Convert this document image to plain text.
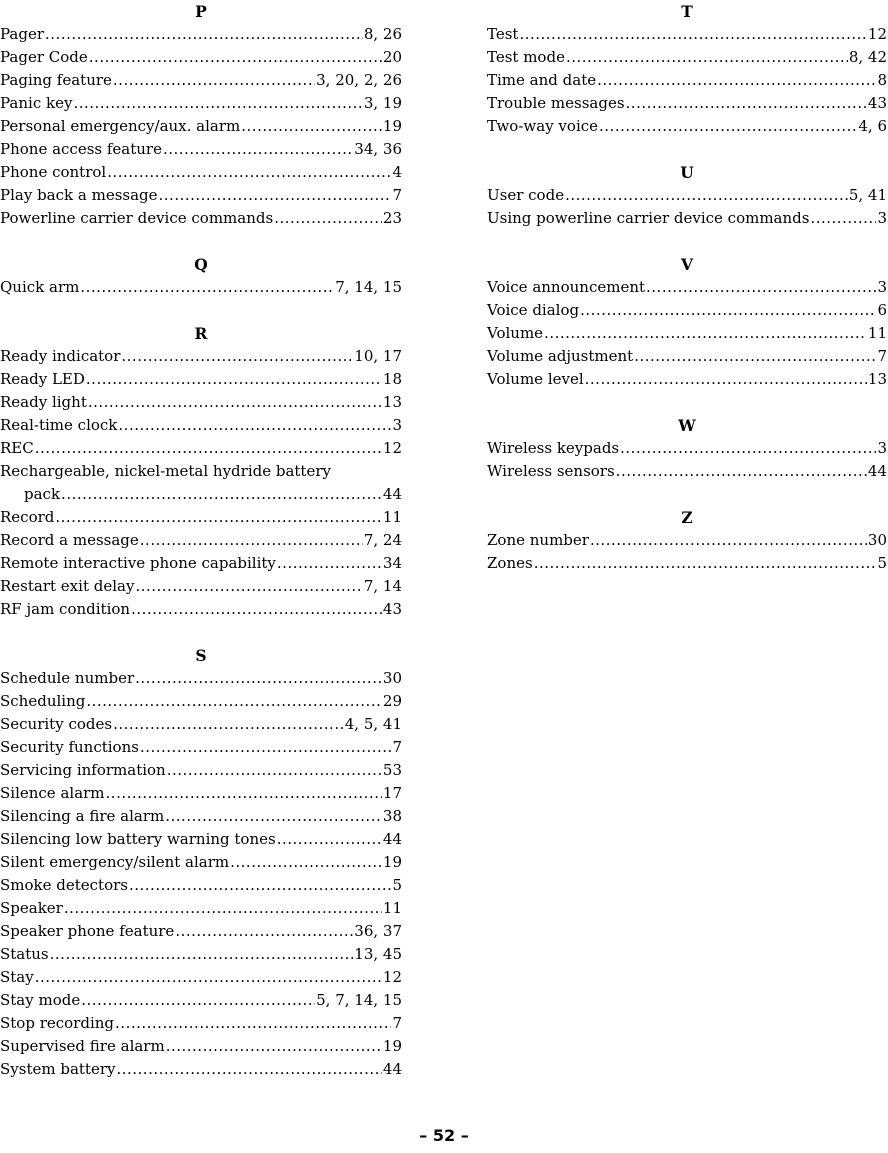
P
Pager .....	8, 26
Pager Code .....	20
Paging feature .....	3, 20, 2, 26
Panic key .....	3, 19
Personal emergency/aux. alarm .....	19
Phone access feature .....	34, 36
Phone control .....	4
Play back a message .....	7
Powerline carrier device commands .....	23
Q
Quick arm .....	7, 14, 15
R
Ready indicator .....	10, 17
Ready LED .....	18
Ready light .....	13
Real-time clock .....	3
REC .....	12
Rechargeable, nickel-metal hydride battery
pack .....	44
Record .....	11
Record a message .....	7, 24
Remote interactive phone capability .....	34
Restart exit delay .....	7, 14
RF jam condition .....	43
S
Schedule number .....	30
Scheduling .....	29
Security codes .....	4, 5, 41
Security functions .....	7
Servicing information .....	53
Silence alarm .....	17
Silencing a fire alarm .....	38
Silencing low battery warning tones .....	44
Silent emergency/silent alarm .....	19
Smoke detectors .....	5
Speaker .....	11
Speaker phone feature .....	36, 37
Status .....	13, 45
Stay .....	12
Stay mode .....	5, 7, 14, 15
Stop recording .....	7
Supervised fire alarm .....	19
System battery .....	44
T
Test .....	12
Test mode .....	8, 42
Time and date .....	8
Trouble messages .....	43
Two-way voice .....	4, 6
U
User code .....	5, 41
Using powerline carrier device commands .....	3
V
Voice announcement .....	3
Voice dialog .....	6
Volume .....	11
Volume adjustment .....	7
Volume level .....	13
W
Wireless keypads .....	3
Wireless sensors .....	44
Z
Zone number .....	30
Zones .....	5
– 52 –
